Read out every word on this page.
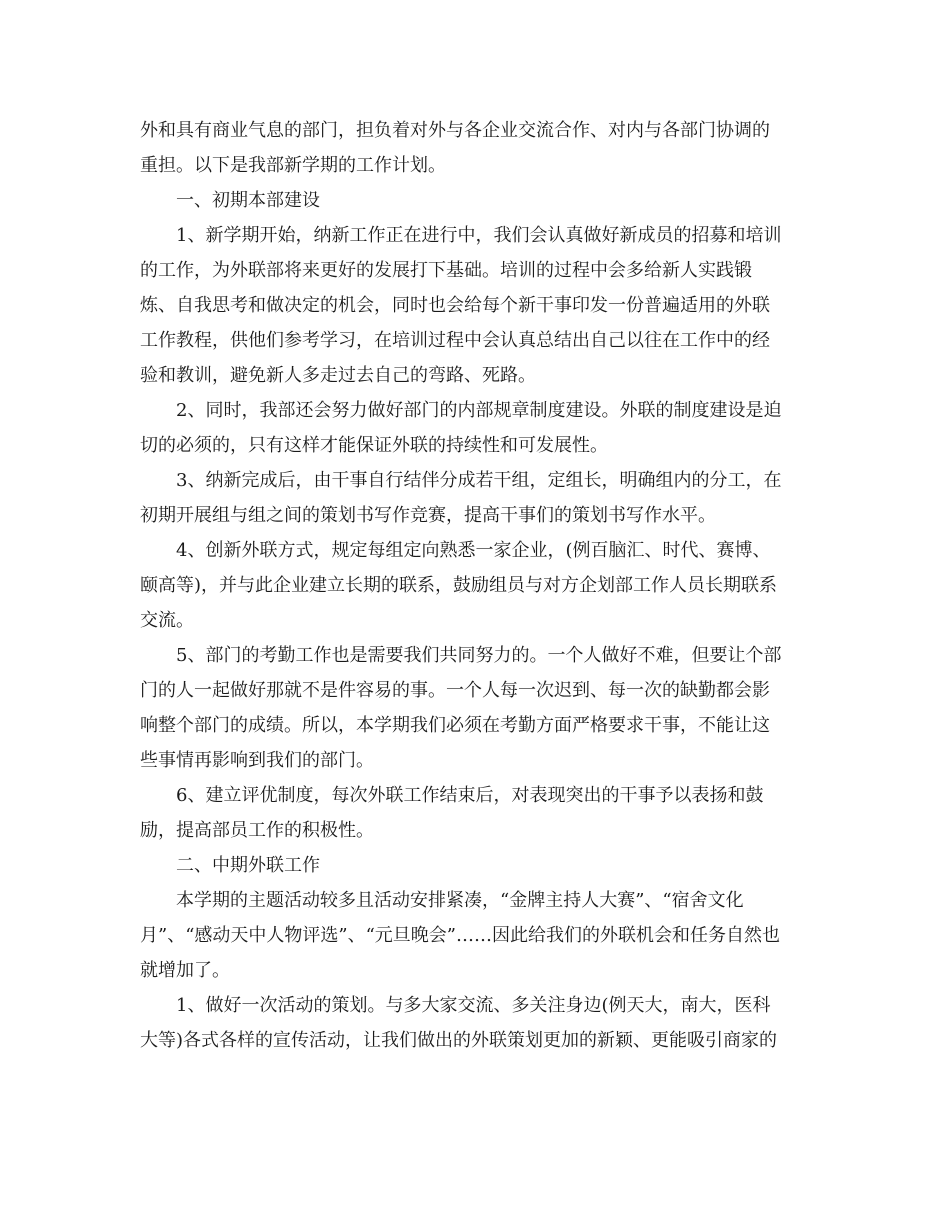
外和具有商业气息的部门，担负着对外与各企业交流合作、对内与各部门协调的
重担。以下是我部新学期的工作计划。
一、初期本部建设
1、新学期开始，纳新工作正在进行中，我们会认真做好新成员的招募和培训
的工作，为外联部将来更好的发展打下基础。培训的过程中会多给新人实践锻
炼、自我思考和做决定的机会，同时也会给每个新干事印发一份普遍适用的外联
工作教程，供他们参考学习，在培训过程中会认真总结出自己以往在工作中的经
验和教训，避免新人多走过去自己的弯路、死路。
2、同时，我部还会努力做好部门的内部规章制度建设。外联的制度建设是迫
切的必须的，只有这样才能保证外联的持续性和可发展性。
3、纳新完成后，由干事自行结伴分成若干组，定组长，明确组内的分工，在
初期开展组与组之间的策划书写作竞赛，提高干事们的策划书写作水平。
4、创新外联方式，规定每组定向熟悉一家企业，(例百脑汇、时代、赛博、
颐高等)，并与此企业建立长期的联系，鼓励组员与对方企划部工作人员长期联系
交流。
5、部门的考勤工作也是需要我们共同努力的。一个人做好不难，但要让个部
门的人一起做好那就不是件容易的事。一个人每一次迟到、每一次的缺勤都会影
响整个部门的成绩。所以，本学期我们必须在考勤方面严格要求干事，不能让这
些事情再影响到我们的部门。
6、建立评优制度，每次外联工作结束后，对表现突出的干事予以表扬和鼓
励，提高部员工作的积极性。
二、中期外联工作
本学期的主题活动较多且活动安排紧凑，“金牌主持人大赛”、“宿舍文化
月”、“感动天中人物评选”、“元旦晚会”……因此给我们的外联机会和任务自然也
就增加了。
1、做好一次活动的策划。与多大家交流、多关注身边(例天大，南大，医科
大等)各式各样的宣传活动，让我们做出的外联策划更加的新颖、更能吸引商家的
